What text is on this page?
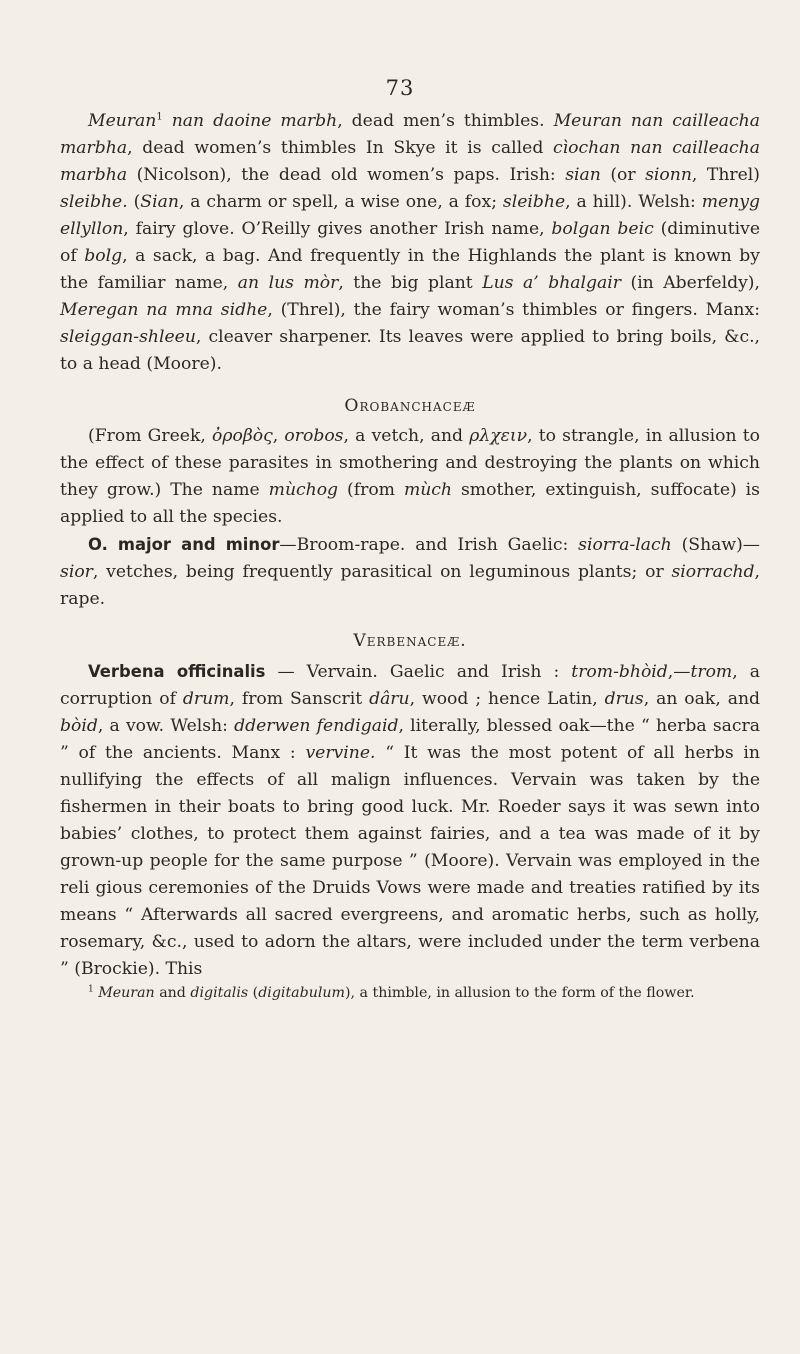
73

Meuran$^1$ nan daoine marbh, dead men’s thimbles. Meuran nan cailleacha marbha, dead women’s thimbles In Skye it is called cìochan nan cailleacha marbha (Nicolson), the dead old women’s paps. Irish: sian (or sionn, Threl) sleibhe. (Sian, a charm or spell, a wise one, a fox; sleibhe, a hill). Welsh: menyg ellyllon, fairy glove. O’Reilly gives another Irish name, bolgan beic (diminutive of bolg, a sack, a bag. And frequently in the Highlands the plant is known by the familiar name, an lus mòr, the big plant Lus a’ bhalgair (in Aberfeldy), Meregan na mna sidhe, (Threl), the fairy woman’s thimbles or fingers. Manx: sleiggan-shleeu, cleaver sharpener. Its leaves were applied to bring boils, &c., to a head (Moore).

Orobanchaceæ

(From Greek, ὀροβὸς, orobos, a vetch, and ρλχειν, to strangle, in allusion to the effect of these parasites in smothering and destroying the plants on which they grow.) The name mùchog (from mùch smother, extinguish, suffocate) is applied to all the species.

O. major and minor—Broom-rape. and Irish Gaelic: siorra-lach (Shaw)—sior, vetches, being frequently parasitical on leguminous plants; or siorrachd, rape.

Verbenaceæ.

Verbena officinalis — Vervain. Gaelic and Irish : trom-bhòid,—trom, a corruption of drum, from Sanscrit dâru, wood ; hence Latin, drus, an oak, and bòid, a vow. Welsh: dderwen fendigaid, literally, blessed oak—the “ herba sacra ” of the ancients. Manx : vervine. “ It was the most potent of all herbs in nullifying the effects of all malign influences. Vervain was taken by the fishermen in their boats to bring good luck. Mr. Roeder says it was sewn into babies’ clothes, to protect them against fairies, and a tea was made of it by grown-up people for the same purpose ” (Moore). Vervain was employed in the reli gious ceremonies of the Druids Vows were made and treaties ratified by its means “ Afterwards all sacred evergreens, and aromatic herbs, such as holly, rosemary, &c., used to adorn the altars, were included under the term verbena ” (Brockie). This

$^1$ Meuran and digitalis (digitabulum), a thimble, in allusion to the form of the flower.
